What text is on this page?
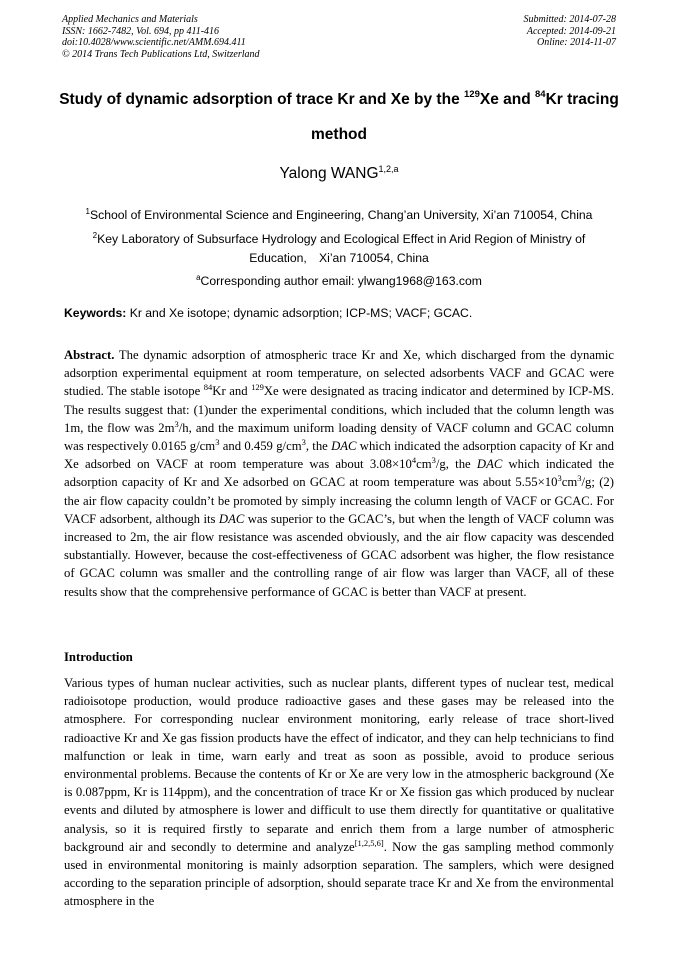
Applied Mechanics and Materials
ISSN: 1662-7482, Vol. 694, pp 411-416
doi:10.4028/www.scientific.net/AMM.694.411
© 2014 Trans Tech Publications Ltd, Switzerland
Submitted: 2014-07-28
Accepted: 2014-09-21
Online: 2014-11-07
Study of dynamic adsorption of trace Kr and Xe by the $^{129}$Xe and $^{84}$Kr tracing method
Yalong WANG$^{1,2,a}$
$^1$School of Environmental Science and Engineering, Chang’an University, Xi’an 710054, China
$^2$Key Laboratory of Subsurface Hydrology and Ecological Effect in Arid Region of Ministry of Education,　Xi’an 710054, China
$^a$Corresponding author email: ylwang1968@163.com
Keywords: Kr and Xe isotope; dynamic adsorption; ICP-MS; VACF; GCAC.
Abstract. The dynamic adsorption of atmospheric trace Kr and Xe, which discharged from the dynamic adsorption experimental equipment at room temperature, on selected adsorbents VACF and GCAC were studied. The stable isotope $^{84}$Kr and $^{129}$Xe were designated as tracing indicator and determined by ICP-MS. The results suggest that: (1)under the experimental conditions, which included that the column length was 1m, the flow was $2m^3/h$, and the maximum uniform loading density of VACF column and GCAC column was respectively 0.0165 $g/cm^3$ and 0.459 $g/cm^3$, the DAC which indicated the adsorption capacity of Kr and Xe adsorbed on VACF at room temperature was about $3.08\times 10^4cm^3/g$, the DAC which indicated the adsorption capacity of Kr and Xe adsorbed on GCAC at room temperature was about $5.55\times 10^3cm^3/g$; (2) the air flow capacity couldn’t be promoted by simply increasing the column length of VACF or GCAC. For VACF adsorbent, although its DAC was superior to the GCAC’s, but when the length of VACF column was increased to 2m, the air flow resistance was ascended obviously, and the air flow capacity was descended substantially. However, because the cost-effectiveness of GCAC adsorbent was higher, the flow resistance of GCAC column was smaller and the controlling range of air flow was larger than VACF, all of these results show that the comprehensive performance of GCAC is better than VACF at present.
Introduction
Various types of human nuclear activities, such as nuclear plants, different types of nuclear test, medical radioisotope production, would produce radioactive gases and these gases may be released into the atmosphere. For corresponding nuclear environment monitoring, early release of trace short-lived radioactive Kr and Xe gas fission products have the effect of indicator, and they can help technicians to find malfunction or leak in time, warn early and treat as soon as possible, avoid to produce serious environmental problems. Because the contents of Kr or Xe are very low in the atmospheric background (Xe is 0.087ppm, Kr is 114ppm), and the concentration of trace Kr or Xe fission gas which produced by nuclear events and diluted by atmosphere is lower and difficult to use them directly for quantitative or qualitative analysis, so it is required firstly to separate and enrich them from a large number of atmospheric background air and secondly to determine and analyze[1,2,5,6]. Now the gas sampling method commonly used in environmental monitoring is mainly adsorption separation. The samplers, which were designed according to the separation principle of adsorption, should separate trace Kr and Xe from the environmental atmosphere in the
